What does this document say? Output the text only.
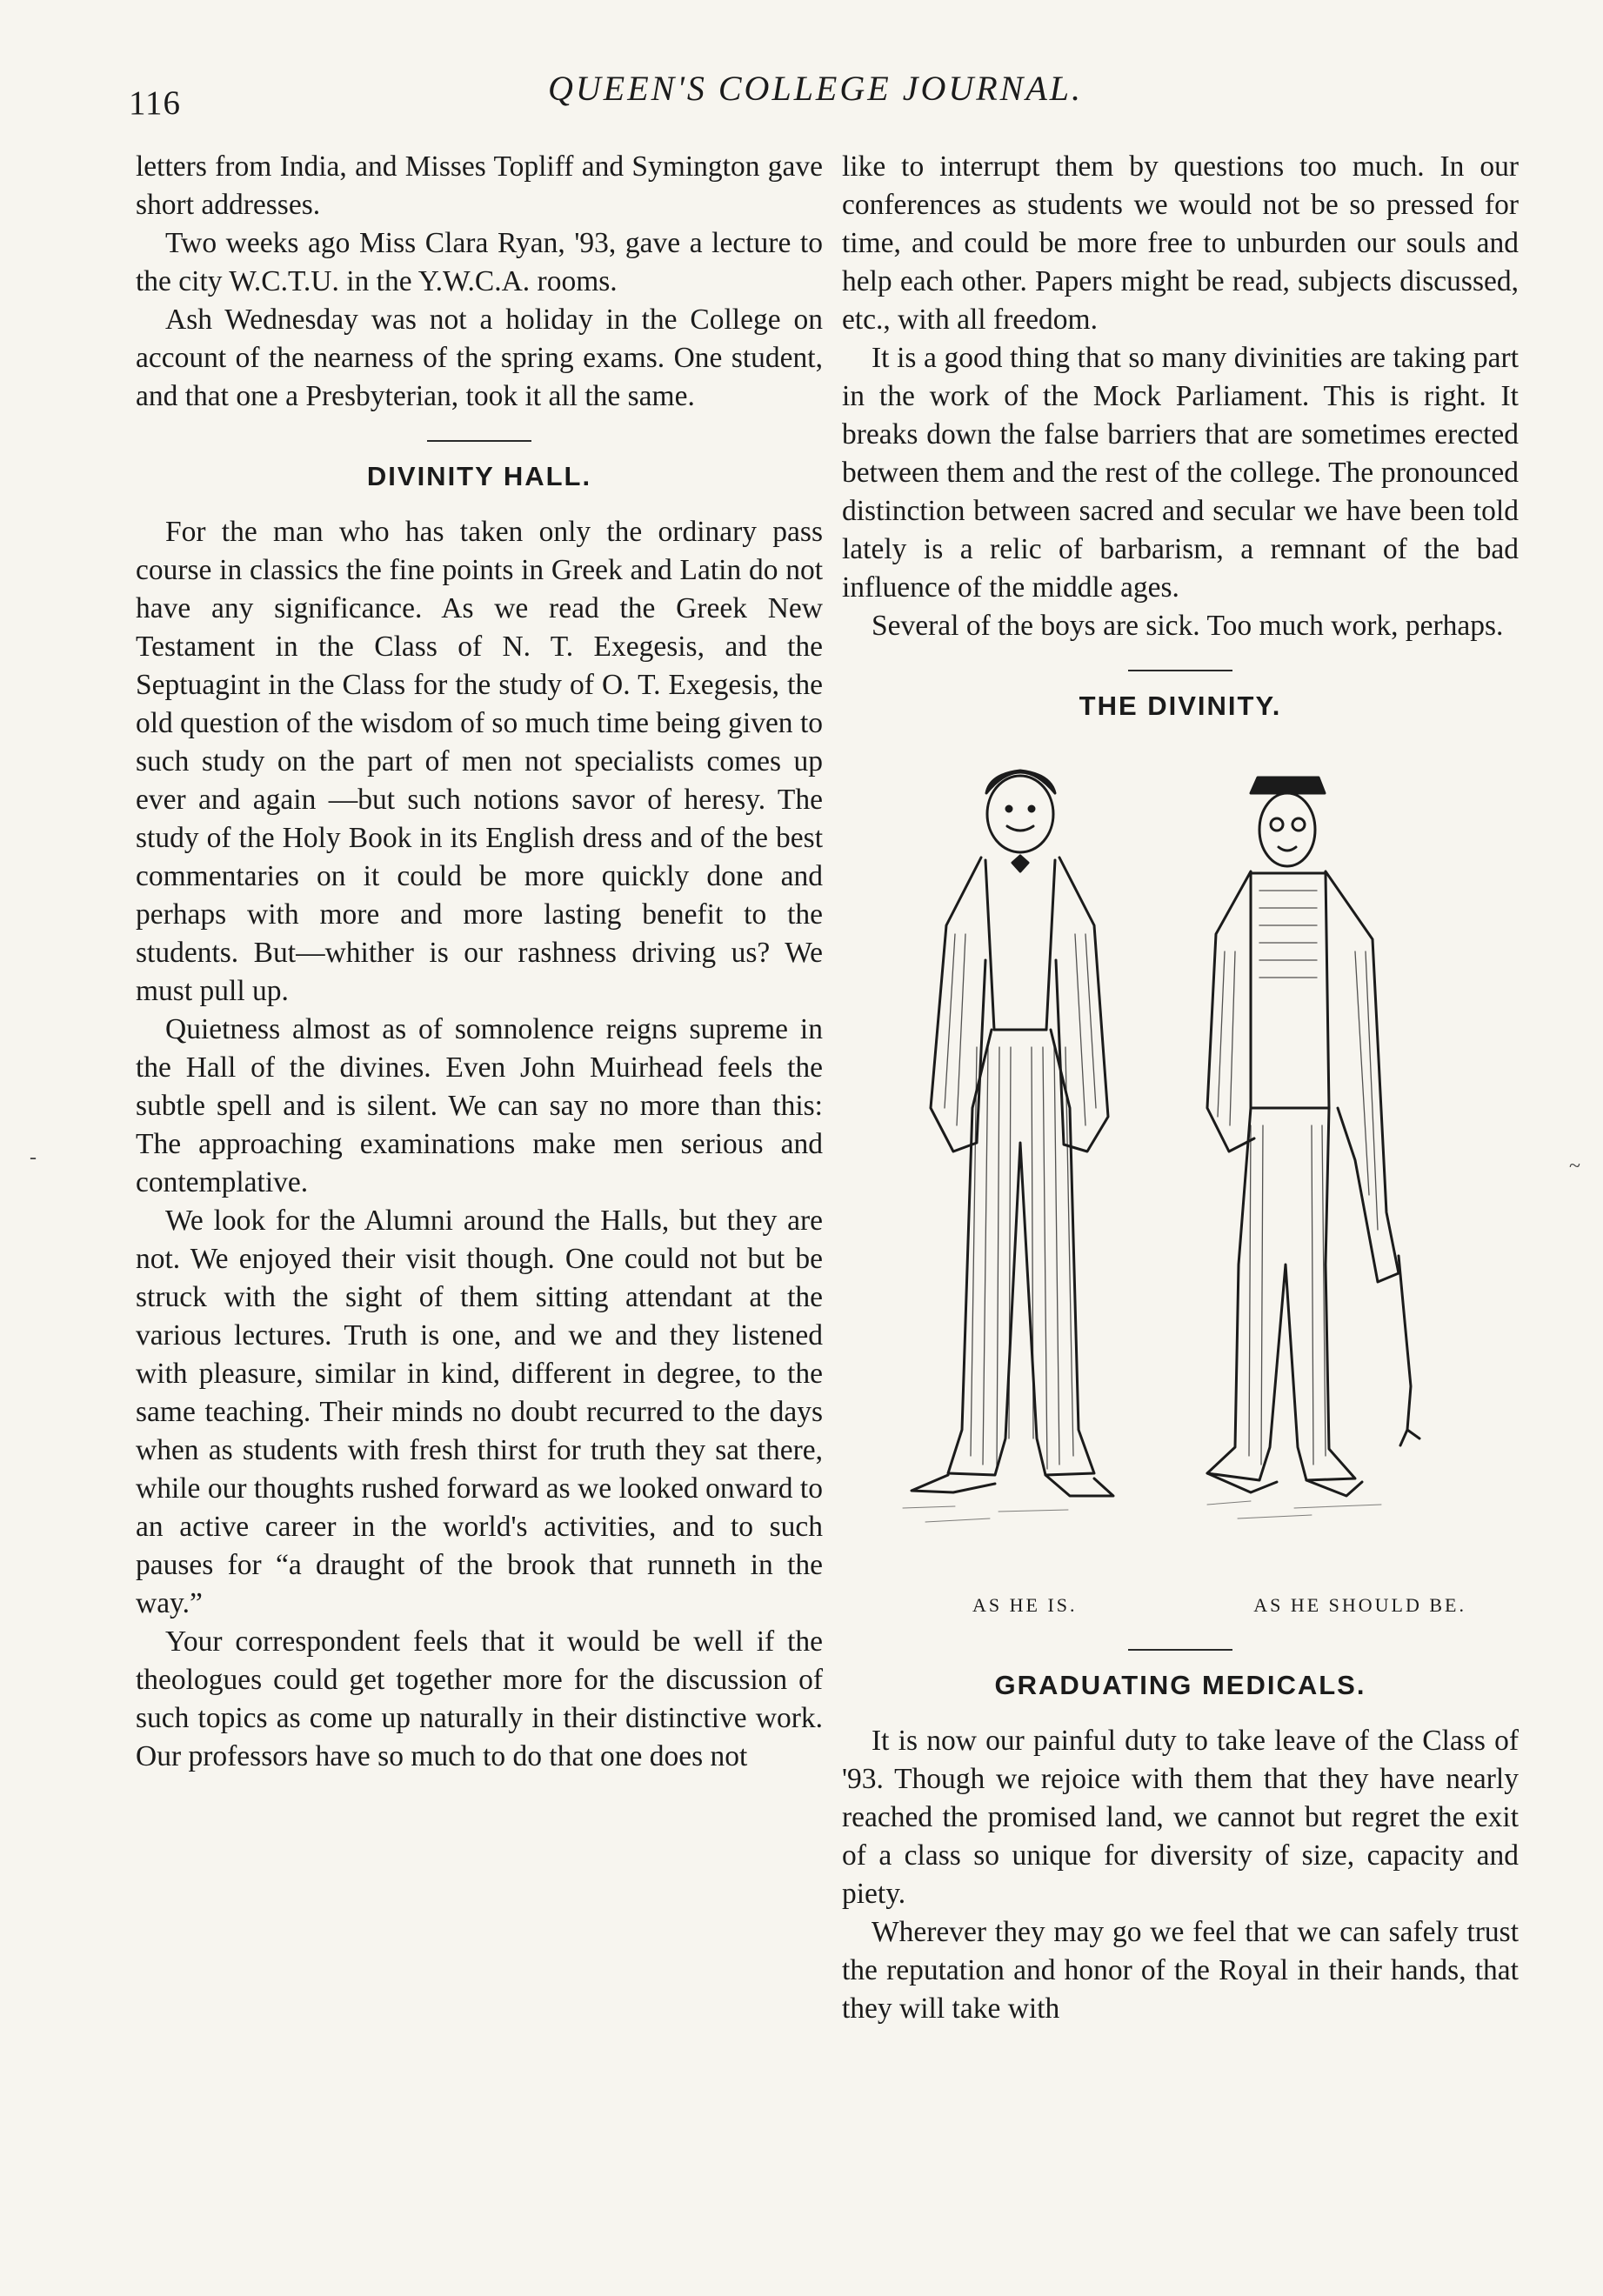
116	QUEEN'S COLLEGE JOURNAL.

letters from India, and Misses Topliff and Symington gave short addresses.

Two weeks ago Miss Clara Ryan, '93, gave a lecture to the city W.C.T.U. in the Y.W.C.A. rooms.

Ash Wednesday was not a holiday in the College on account of the nearness of the spring exams. One student, and that one a Presbyterian, took it all the same.

DIVINITY HALL.

For the man who has taken only the ordinary pass course in classics the fine points in Greek and Latin do not have any significance. As we read the Greek New Testament in the Class of N. T. Exegesis, and the Septuagint in the Class for the study of O. T. Exegesis, the old question of the wisdom of so much time being given to such study on the part of men not specialists comes up ever and again —but such notions savor of heresy. The study of the Holy Book in its English dress and of the best commentaries on it could be more quickly done and perhaps with more and more lasting benefit to the students. But—whither is our rashness driving us? We must pull up.

Quietness almost as of somnolence reigns supreme in the Hall of the divines. Even John Muirhead feels the subtle spell and is silent. We can say no more than this: The approaching examinations make men serious and contemplative.

We look for the Alumni around the Halls, but they are not. We enjoyed their visit though. One could not but be struck with the sight of them sitting attendant at the various lectures. Truth is one, and we and they listened with pleasure, similar in kind, different in degree, to the same teaching. Their minds no doubt recurred to the days when as students with fresh thirst for truth they sat there, while our thoughts rushed forward as we looked onward to an active career in the world's activities, and to such pauses for “a draught of the brook that runneth in the way.”

Your correspondent feels that it would be well if the theologues could get together more for the discussion of such topics as come up naturally in their distinctive work. Our professors have so much to do that one does not

like to interrupt them by questions too much. In our conferences as students we would not be so pressed for time, and could be more free to unburden our souls and help each other. Papers might be read, subjects discussed, etc., with all freedom.

It is a good thing that so many divinities are taking part in the work of the Mock Parliament. This is right. It breaks down the false barriers that are sometimes erected between them and the rest of the college. The pronounced distinction between sacred and secular we have been told lately is a relic of barbarism, a remnant of the bad influence of the middle ages.

Several of the boys are sick. Too much work, perhaps.

THE DIVINITY.
AS HE IS.	AS HE SHOULD BE.
GRADUATING MEDICALS.

It is now our painful duty to take leave of the Class of '93. Though we rejoice with them that they have nearly reached the promised land, we cannot but regret the exit of a class so unique for diversity of size, capacity and piety.

Wherever they may go we feel that we can safely trust the reputation and honor of the Royal in their hands, that they will take with

-	~
